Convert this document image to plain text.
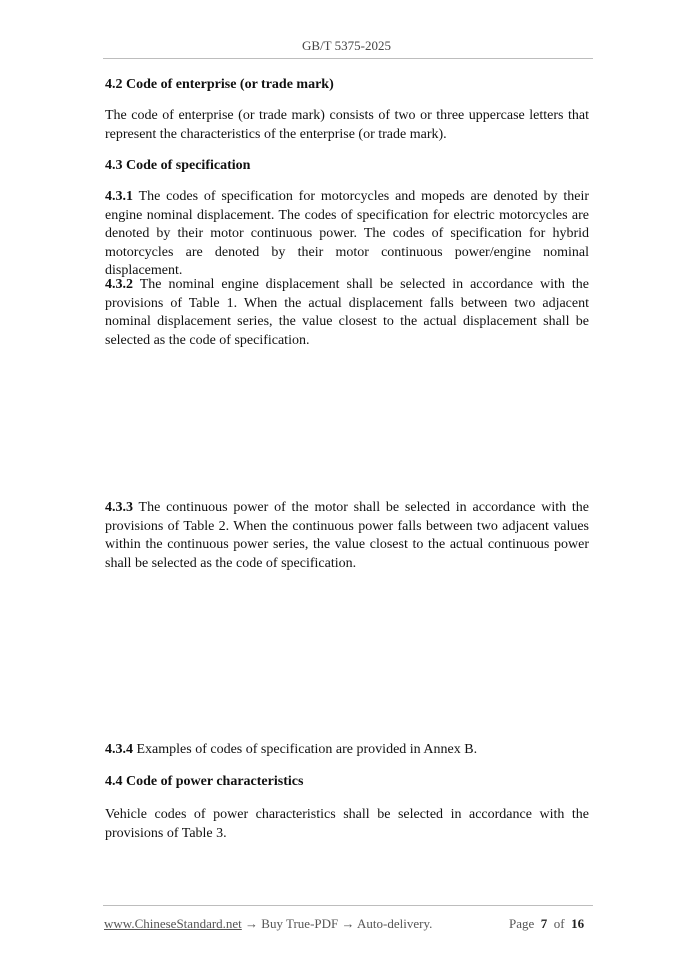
GB/T 5375-2025
4.2 Code of enterprise (or trade mark)
The code of enterprise (or trade mark) consists of two or three uppercase letters that represent the characteristics of the enterprise (or trade mark).
4.3 Code of specification
4.3.1 The codes of specification for motorcycles and mopeds are denoted by their engine nominal displacement. The codes of specification for electric motorcycles are denoted by their motor continuous power. The codes of specification for hybrid motorcycles are denoted by their motor continuous power/engine nominal displacement.
4.3.2 The nominal engine displacement shall be selected in accordance with the provisions of Table 1. When the actual displacement falls between two adjacent nominal displacement series, the value closest to the actual displacement shall be selected as the code of specification.
4.3.3 The continuous power of the motor shall be selected in accordance with the provisions of Table 2. When the continuous power falls between two adjacent values within the continuous power series, the value closest to the actual continuous power shall be selected as the code of specification.
4.3.4 Examples of codes of specification are provided in Annex B.
4.4 Code of power characteristics
Vehicle codes of power characteristics shall be selected in accordance with the provisions of Table 3.
www.ChineseStandard.net → Buy True-PDF → Auto-delivery.	Page 7 of 16
